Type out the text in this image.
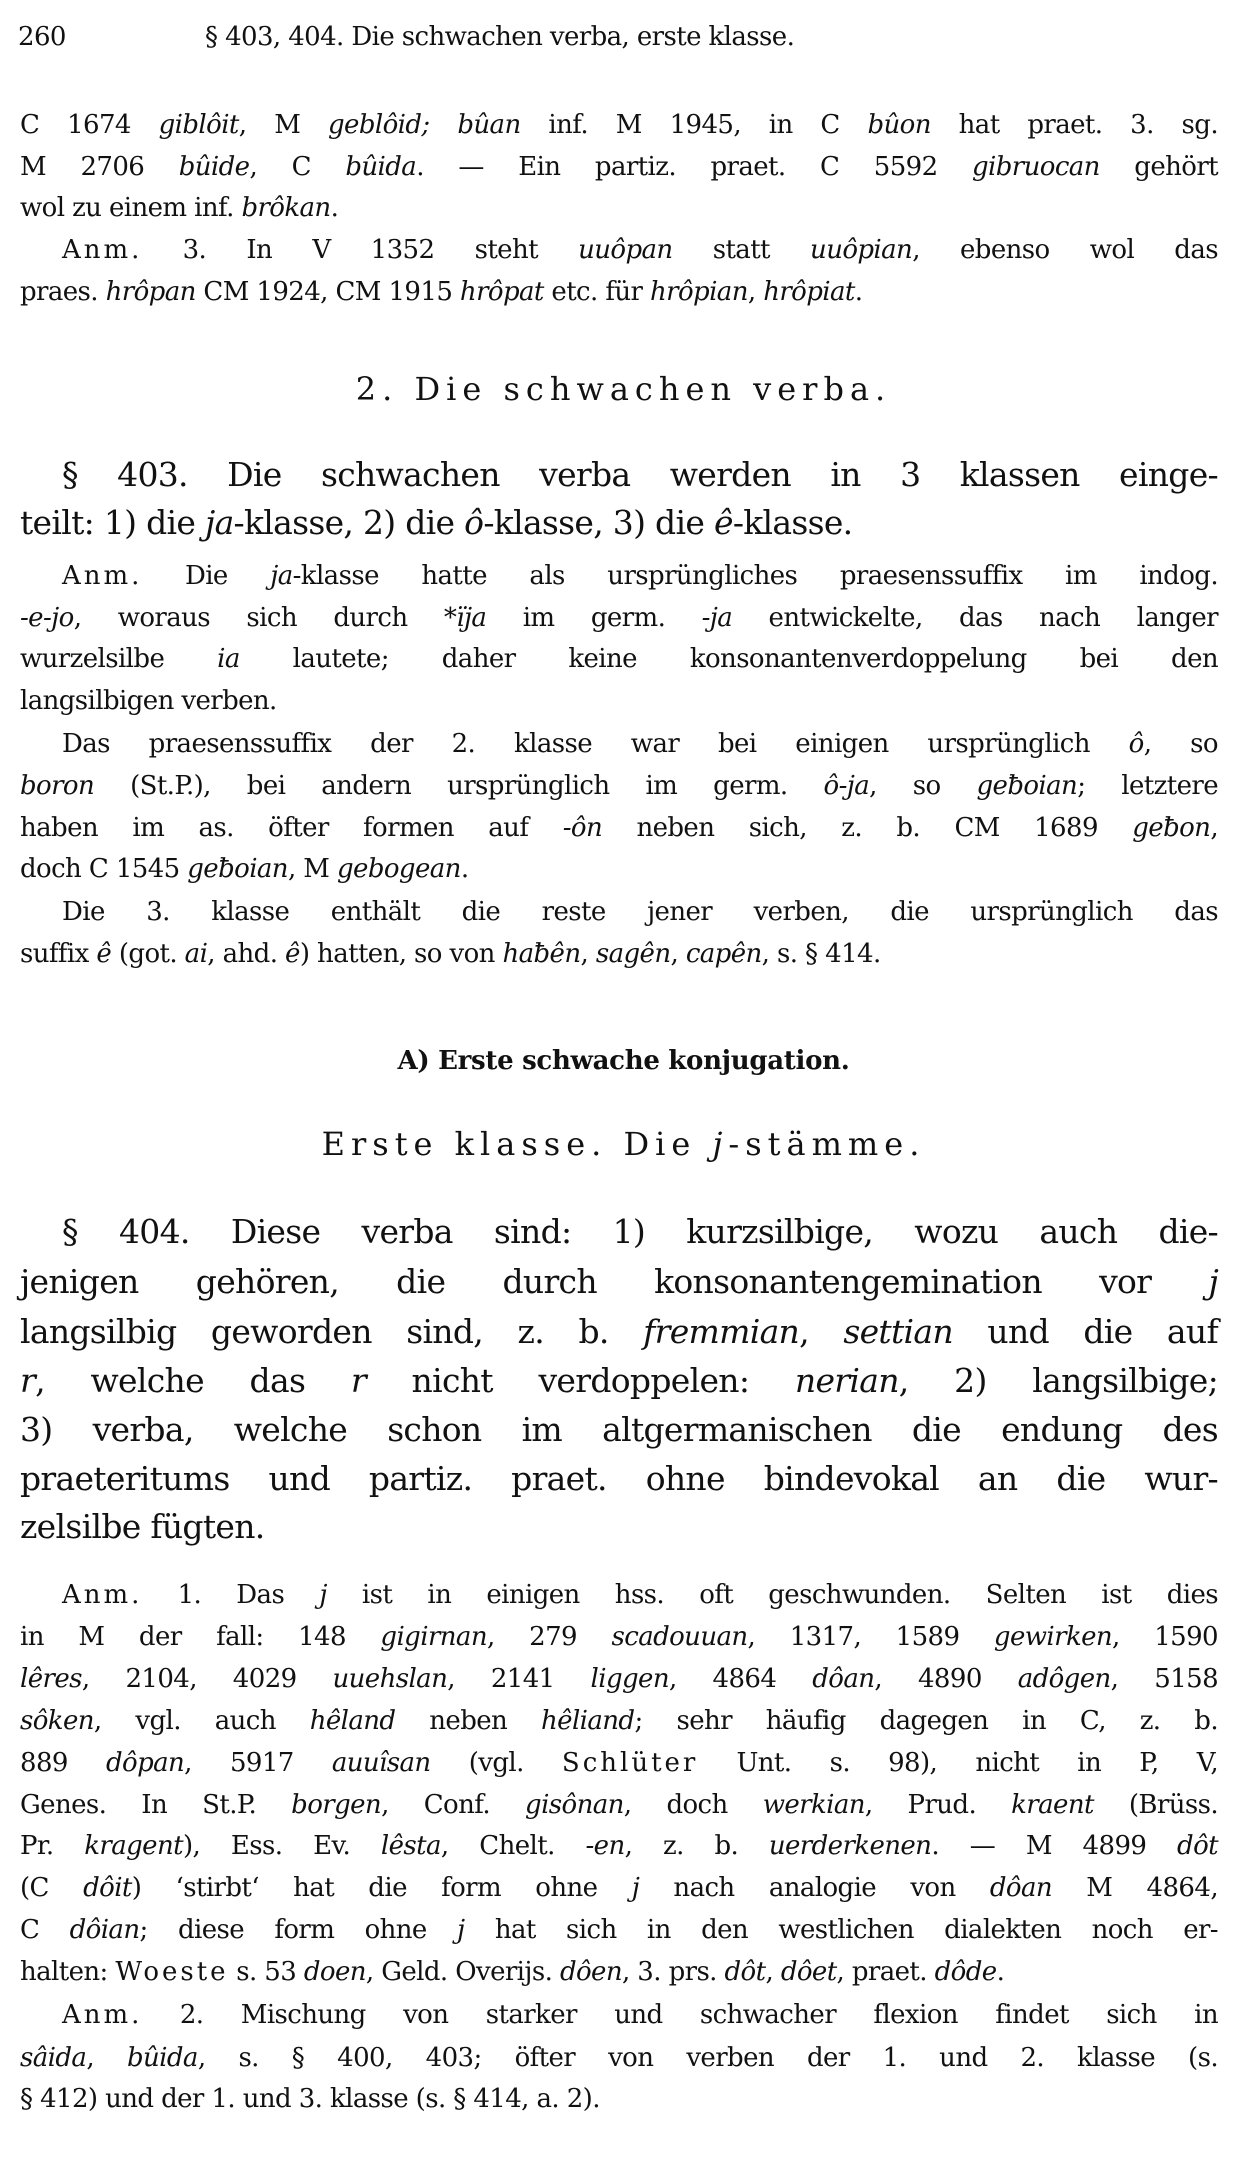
260	§ 403, 404. Die schwachen verba, erste klasse.
C 1674 giblôit, M geblôid; bûan inf. M 1945, in C bûon hat praet. 3. sg.
M 2706 bûide, C bûida. — Ein partiz. praet. C 5592 gibruocan gehört
wol zu einem inf. brôkan.
Anm. 3. In V 1352 steht uuôpan statt uuôpian, ebenso wol das
praes. hrôpan CM 1924, CM 1915 hrôpat etc. für hrôpian, hrôpiat.
§ 403. Die schwachen verba werden in 3 klassen einge-
teilt: 1) die ja-klasse, 2) die ô-klasse, 3) die ê-klasse.
Anm. Die ja-klasse hatte als ursprüngliches praesenssuffix im indog.
-e-jo, woraus sich durch *ïja im germ. -ja entwickelte, das nach langer
wurzelsilbe ia lautete; daher keine konsonantenverdoppelung bei den
langsilbigen verben.
Das praesenssuffix der 2. klasse war bei einigen ursprünglich ô, so
boron (St.P.), bei andern ursprünglich im germ. ô-ja, so geƀoian; letztere
haben im as. öfter formen auf -ôn neben sich, z. b. CM 1689 geƀon,
doch C 1545 geƀoian, M gebogean.
Die 3. klasse enthält die reste jener verben, die ursprünglich das
suffix ê (got. ai, ahd. ê) hatten, so von haƀên, sagên, capên, s. § 414.
§ 404. Diese verba sind: 1) kurzsilbige, wozu auch die-
jenigen gehören, die durch konsonantengemination vor j
langsilbig geworden sind, z. b. fremmian, settian und die auf
r, welche das r nicht verdoppelen: nerian, 2) langsilbige;
3) verba, welche schon im altgermanischen die endung des
praeteritums und partiz. praet. ohne bindevokal an die wur-
zelsilbe fügten.
Anm. 1. Das j ist in einigen hss. oft geschwunden. Selten ist dies
in M der fall: 148 gigirnan, 279 scadouuan, 1317, 1589 gewirken, 1590
lêres, 2104, 4029 uuehslan, 2141 liggen, 4864 dôan, 4890 adôgen, 5158
sôken, vgl. auch hêland neben hêliand; sehr häufig dagegen in C, z. b.
889 dôpan, 5917 auuîsan (vgl. Schlüter Unt. s. 98), nicht in P, V,
Genes. In St.P. borgen, Conf. gisônan, doch werkian, Prud. kraent (Brüss.
Pr. kragent), Ess. Ev. lêsta, Chelt. -en, z. b. uerderkenen. — M 4899 dôt
(C dôit) ‘stirbt‘ hat die form ohne j nach analogie von dôan M 4864,
C dôian; diese form ohne j hat sich in den westlichen dialekten noch er-
halten: Woeste s. 53 doen, Geld. Overijs. dôen, 3. prs. dôt, dôet, praet. dôde.
Anm. 2. Mischung von starker und schwacher flexion findet sich in
sâida, bûida, s. § 400, 403; öfter von verben der 1. und 2. klasse (s.
§ 412) und der 1. und 3. klasse (s. § 414, a. 2).
2. Die schwachen verba.
A) Erste schwache konjugation.
Erste klasse. Die j-stämme.
